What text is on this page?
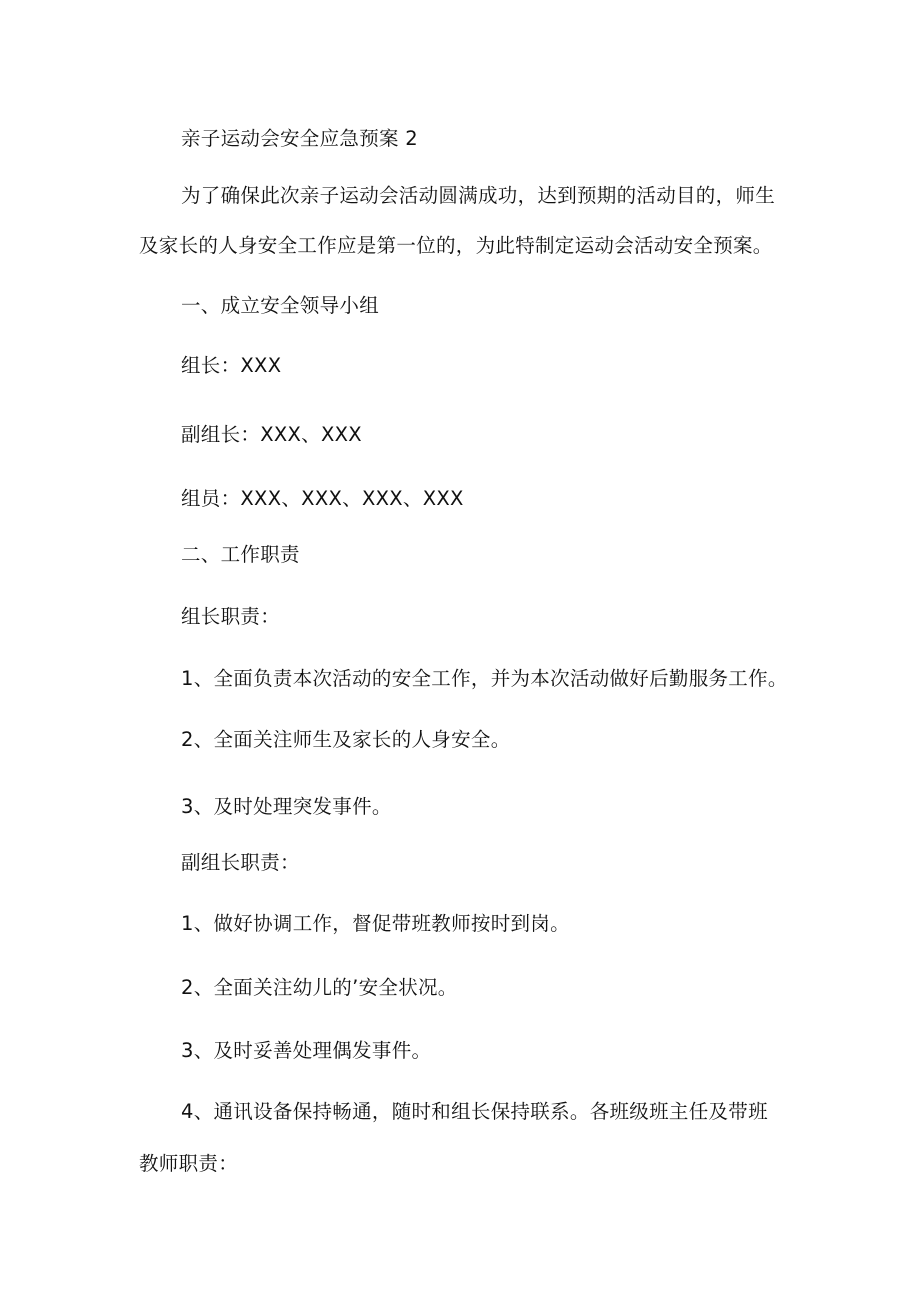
亲子运动会安全应急预案 2
为了确保此次亲子运动会活动圆满成功，达到预期的活动目的，师生
及家长的人身安全工作应是第一位的，为此特制定运动会活动安全预案。
一、成立安全领导小组
组长：XXX
副组长：XXX、XXX
组员：XXX、XXX、XXX、XXX
二、工作职责
组长职责：
1、全面负责本次活动的安全工作，并为本次活动做好后勤服务工作。
2、全面关注师生及家长的人身安全。
3、及时处理突发事件。
副组长职责：
1、做好协调工作，督促带班教师按时到岗。
2、全面关注幼儿的’安全状况。
3、及时妥善处理偶发事件。
4、通讯设备保持畅通，随时和组长保持联系。各班级班主任及带班
教师职责：
